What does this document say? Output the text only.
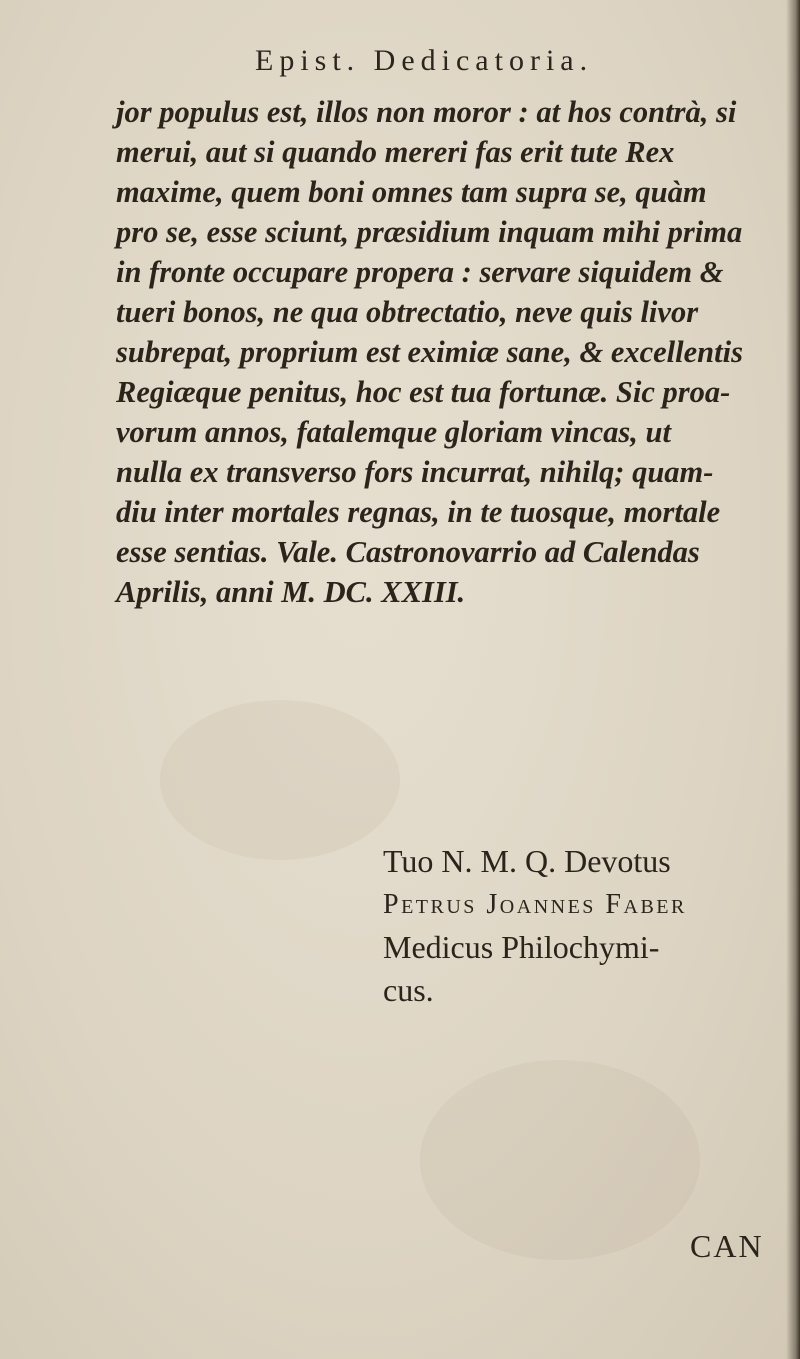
Epist. Dedicatoria.
jor populus est, illos non moror : at hos contrà, si
merui, aut si quando mereri fas erit tute Rex
maxime, quem boni omnes tam supra se, quàm
pro se, esse sciunt, præsidium inquam mihi prima
in fronte occupare propera : servare siquidem &
tueri bonos, ne qua obtrectatio, neve quis livor
subrepat, proprium est eximiæ sane, & excellentis
Regiæque penitus, hoc est tua fortunæ. Sic proa-
vorum annos, fatalemque gloriam vincas, ut
nulla ex transverso fors incurrat, nihilq; quam-
diu inter mortales regnas, in te tuosque, mortale
esse sentias. Vale. Castronovarrio ad Calendas
Aprilis, anni M. DC. XXIII.
Tuo N. M. Q. Devotus
Petrus Joannes Faber
Medicus Philochymi-
cus.
CAN
